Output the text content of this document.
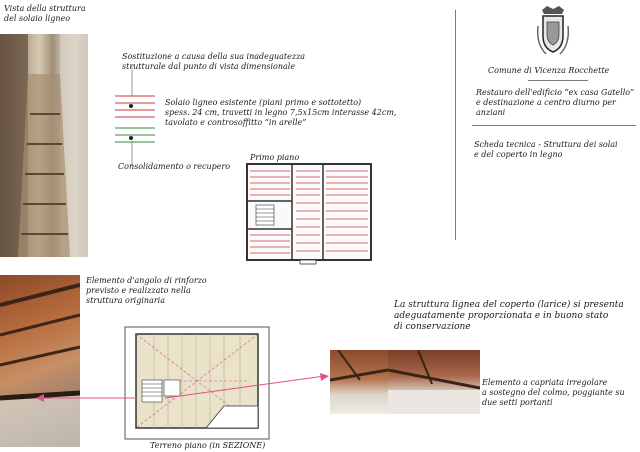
Vista della struttura
del solaio ligneo
Sostituzione a causa della sua inadeguatezza
strutturale dal punto di vista dimensionale
Solaio ligneo esistente (piani primo e sottotetto)
spess. 24 cm, travetti in legno 7,5x15cm interasse 42cm,
tavolato e controsoffitto “in arelle”
Consolidamento o recupero
Primo piano
Comune di Vicenza Rocchette
Restauro dell'edificio “ex casa Gatello”
e destinazione a centro diurno per anziani
Scheda tecnica - Struttura dei solai
e del coperto in legno
Elemento d'angolo di rinforzo
previsto e realizzato nella
struttura originaria	La struttura lignea del coperto (larice) si presenta
adeguatamente proporzionata e in buono stato
di conservazione
Terreno piano (in SEZIONE)
Elemento a capriata irregolare
a sostegno del colmo, poggiante su
due setti portanti
